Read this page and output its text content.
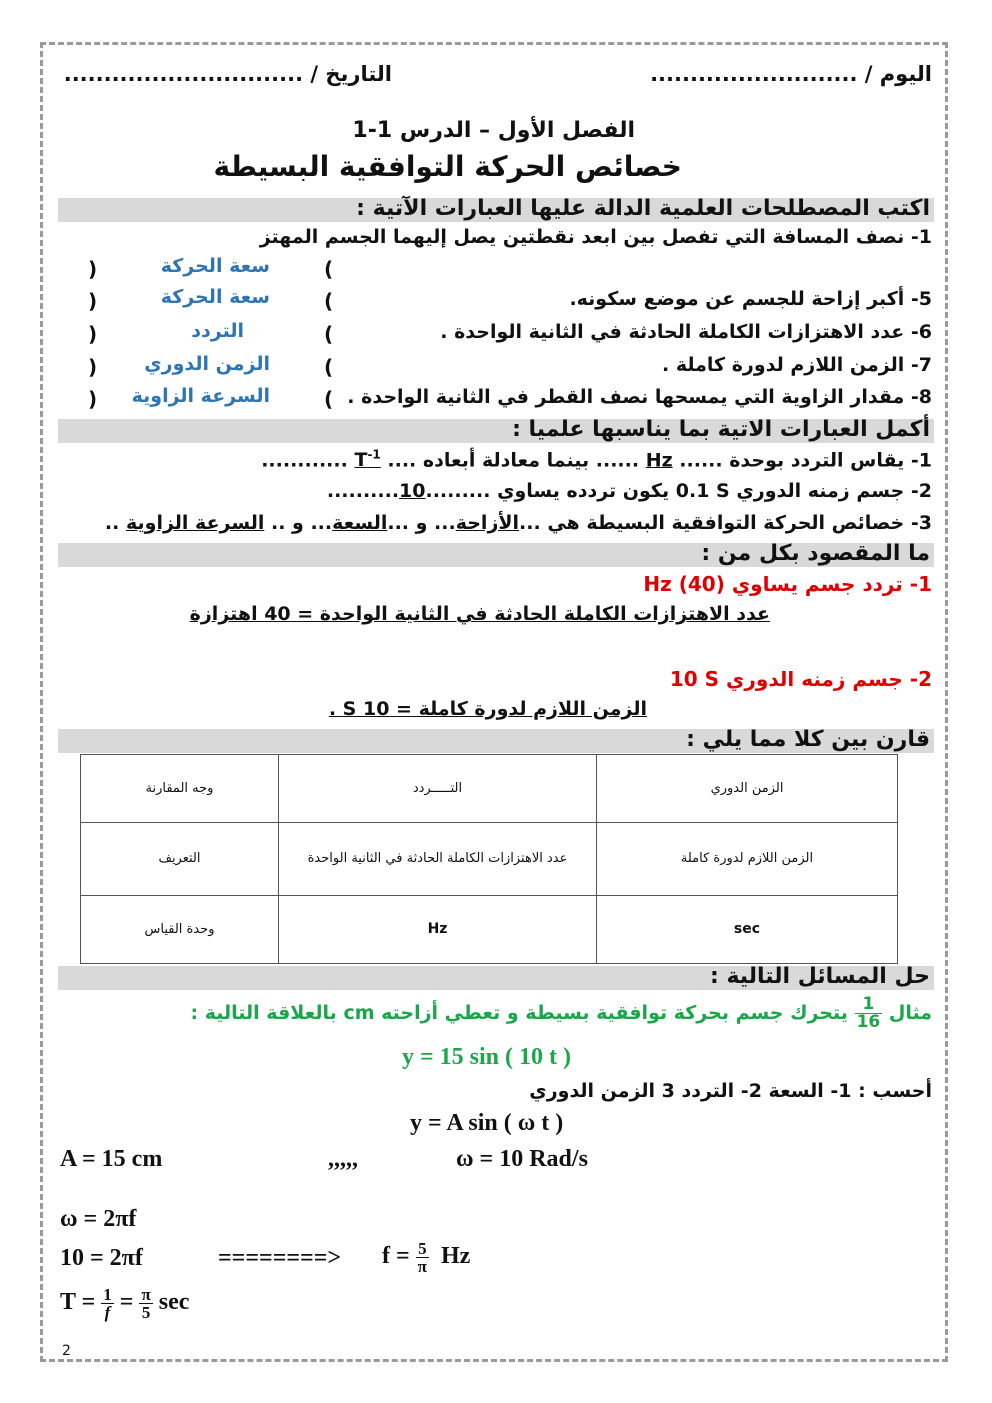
اليوم / ..........................
التاريخ / ..............................
الفصل الأول – الدرس 1-1
خصائص الحركة التوافقية البسيطة
اكتب المصطلحات العلمية الدالة عليها العبارات الآتية :
1- نصف المسافة التي تفصل بين ابعد نقطتين يصل إليهما الجسم المهتز
(
سعة الحركة
)
5- أكبر إزاحة للجسم عن موضع سكونه.
(
سعة الحركة
)
6- عدد الاهتزازات الكاملة الحادثة في الثانية الواحدة .
(
التردد
)
7- الزمن اللازم لدورة كاملة .
(
الزمن الدوري
)
8- مقدار الزاوية التي يمسحها نصف القطر في الثانية الواحدة .
(
السرعة الزاوية
)
أكمل العبارات الاتية بما يناسبها علميا :
1- يقاس التردد بوحدة ...... Hz ...... بينما معادلة أبعاده .... $T^{-1}$ ............
2- جسم زمنه الدوري 0.1 S يكون تردده يساوي .........10..........
3- خصائص الحركة التوافقية البسيطة هي ...الأزاحة... و ...السعة... و .. السرعة الزاوية ..
ما المقصود بكل من :
1- تردد جسم يساوي Hz (40)
عدد الاهتزازات الكاملة الحادثة في الثانية الواحدة = 40 اهتزازة
2- جسم زمنه الدوري 10 S
الزمن اللازم لدورة كاملة = 10 S .
قارن بين كلا مما يلي :
وجه المقارنة	التـــــردد	الزمن الدوري
التعريف	عدد الاهتزازات الكاملة الحادثة في الثانية الواحدة	الزمن اللازم لدورة كاملة
وحدة القياس	Hz	sec
حل المسائل التالية :
مثال
$\frac{1}{16}$
يتحرك جسم بحركة توافقية بسيطة و تعطي أزاحته cm بالعلاقة التالية :
y = 15 sin ( 10 t )
أحسب : 1- السعة 2- التردد 3 الزمن الدوري
y = A sin ( ω t )
A = 15 cm	,,,,,	ω = 10 Rad/s
ω = 2πf
10 = 2πf	========> $f = \frac{5}{\pi}$ Hz
$T = \frac{1}{f} = \frac{\pi}{5}$ sec
2
